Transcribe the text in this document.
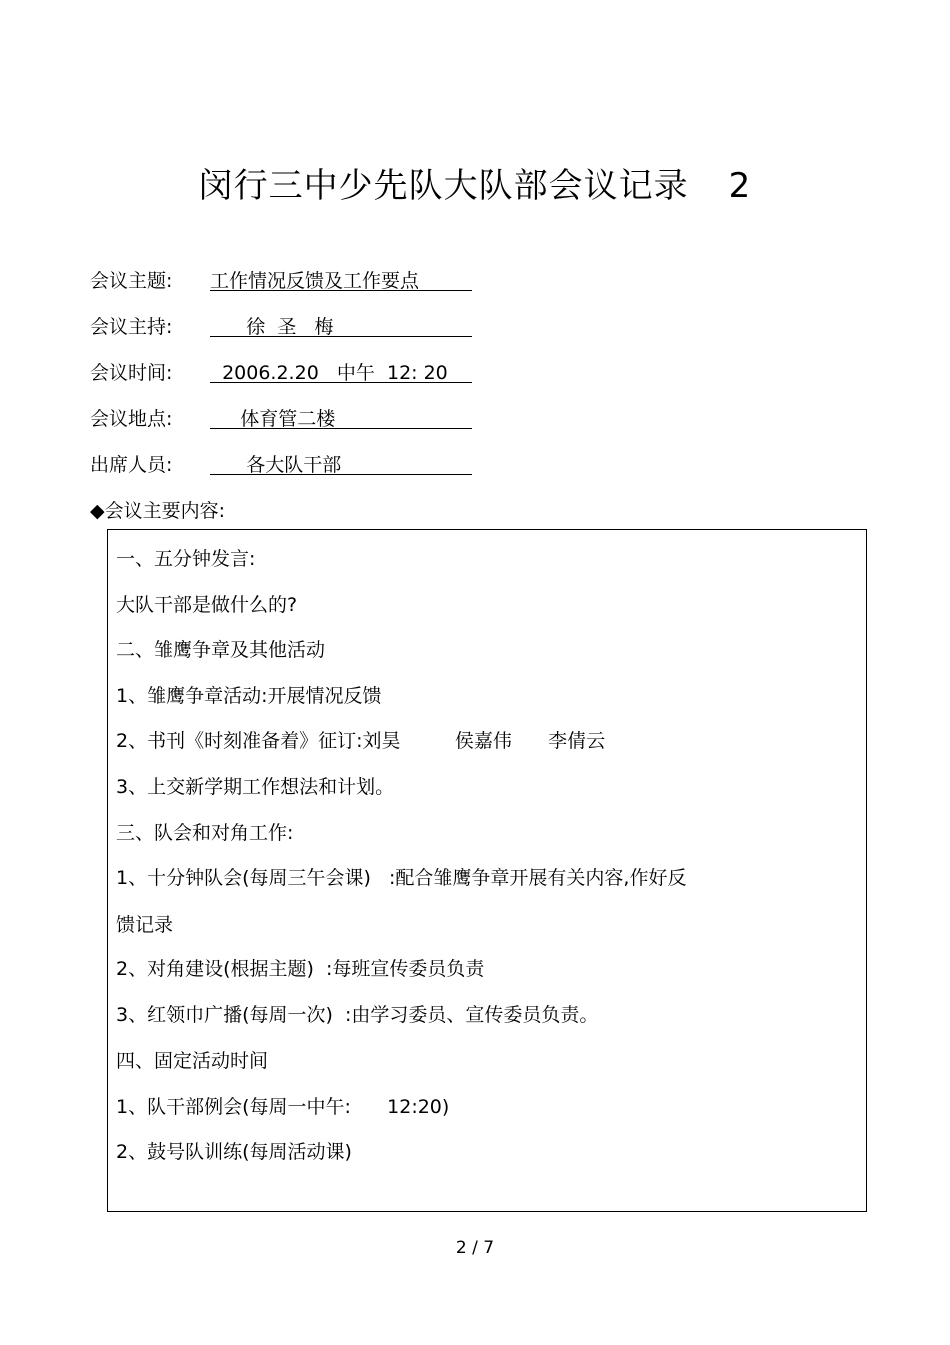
闵行三中少先队大队部会议记录 2
会议主题: 工作情况反馈及工作要点
会议主持: 徐  圣   梅
会议时间: 2006.2.20   中午  12: 20
会议地点: 体育管二楼
出席人员: 各大队干部
◆会议主要内容:
一、五分钟发言:
大队干部是做什么的?
二、雏鹰争章及其他活动
1、雏鹰争章活动:开展情况反馈
2、书刊《时刻准备着》征订:刘昊         侯嘉伟      李倩云
3、上交新学期工作想法和计划。
三、队会和对角工作:
1、十分钟队会(每周三午会课)   :配合雏鹰争章开展有关内容,作好反
馈记录
2、对角建设(根据主题)  :每班宣传委员负责
3、红领巾广播(每周一次)  :由学习委员、宣传委员负责。
四、固定活动时间
1、队干部例会(每周一中午:      12:20)
2、鼓号队训练(每周活动课)
2 / 7
